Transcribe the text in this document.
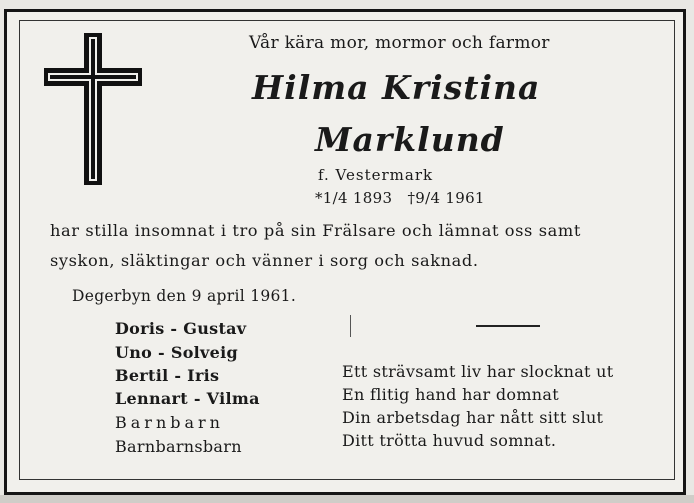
Vår kära mor, mormor och farmor
Hilma Kristina
Marklund
f. Vestermark
*1/4 1893   †9/4 1961
har stilla insomnat i tro på sin Frälsare och lämnat oss samt
syskon, släktingar och vänner i sorg och saknad.
Degerbyn den 9 april 1961.
Doris - Gustav
Uno - Solveig
Bertil - Iris
Lennart - Vilma
Barnbarn
Barnbarnsbarn
Ett strävsamt liv har slocknat ut
En flitig hand har domnat
Din arbetsdag har nått sitt slut
Ditt trötta huvud somnat.
